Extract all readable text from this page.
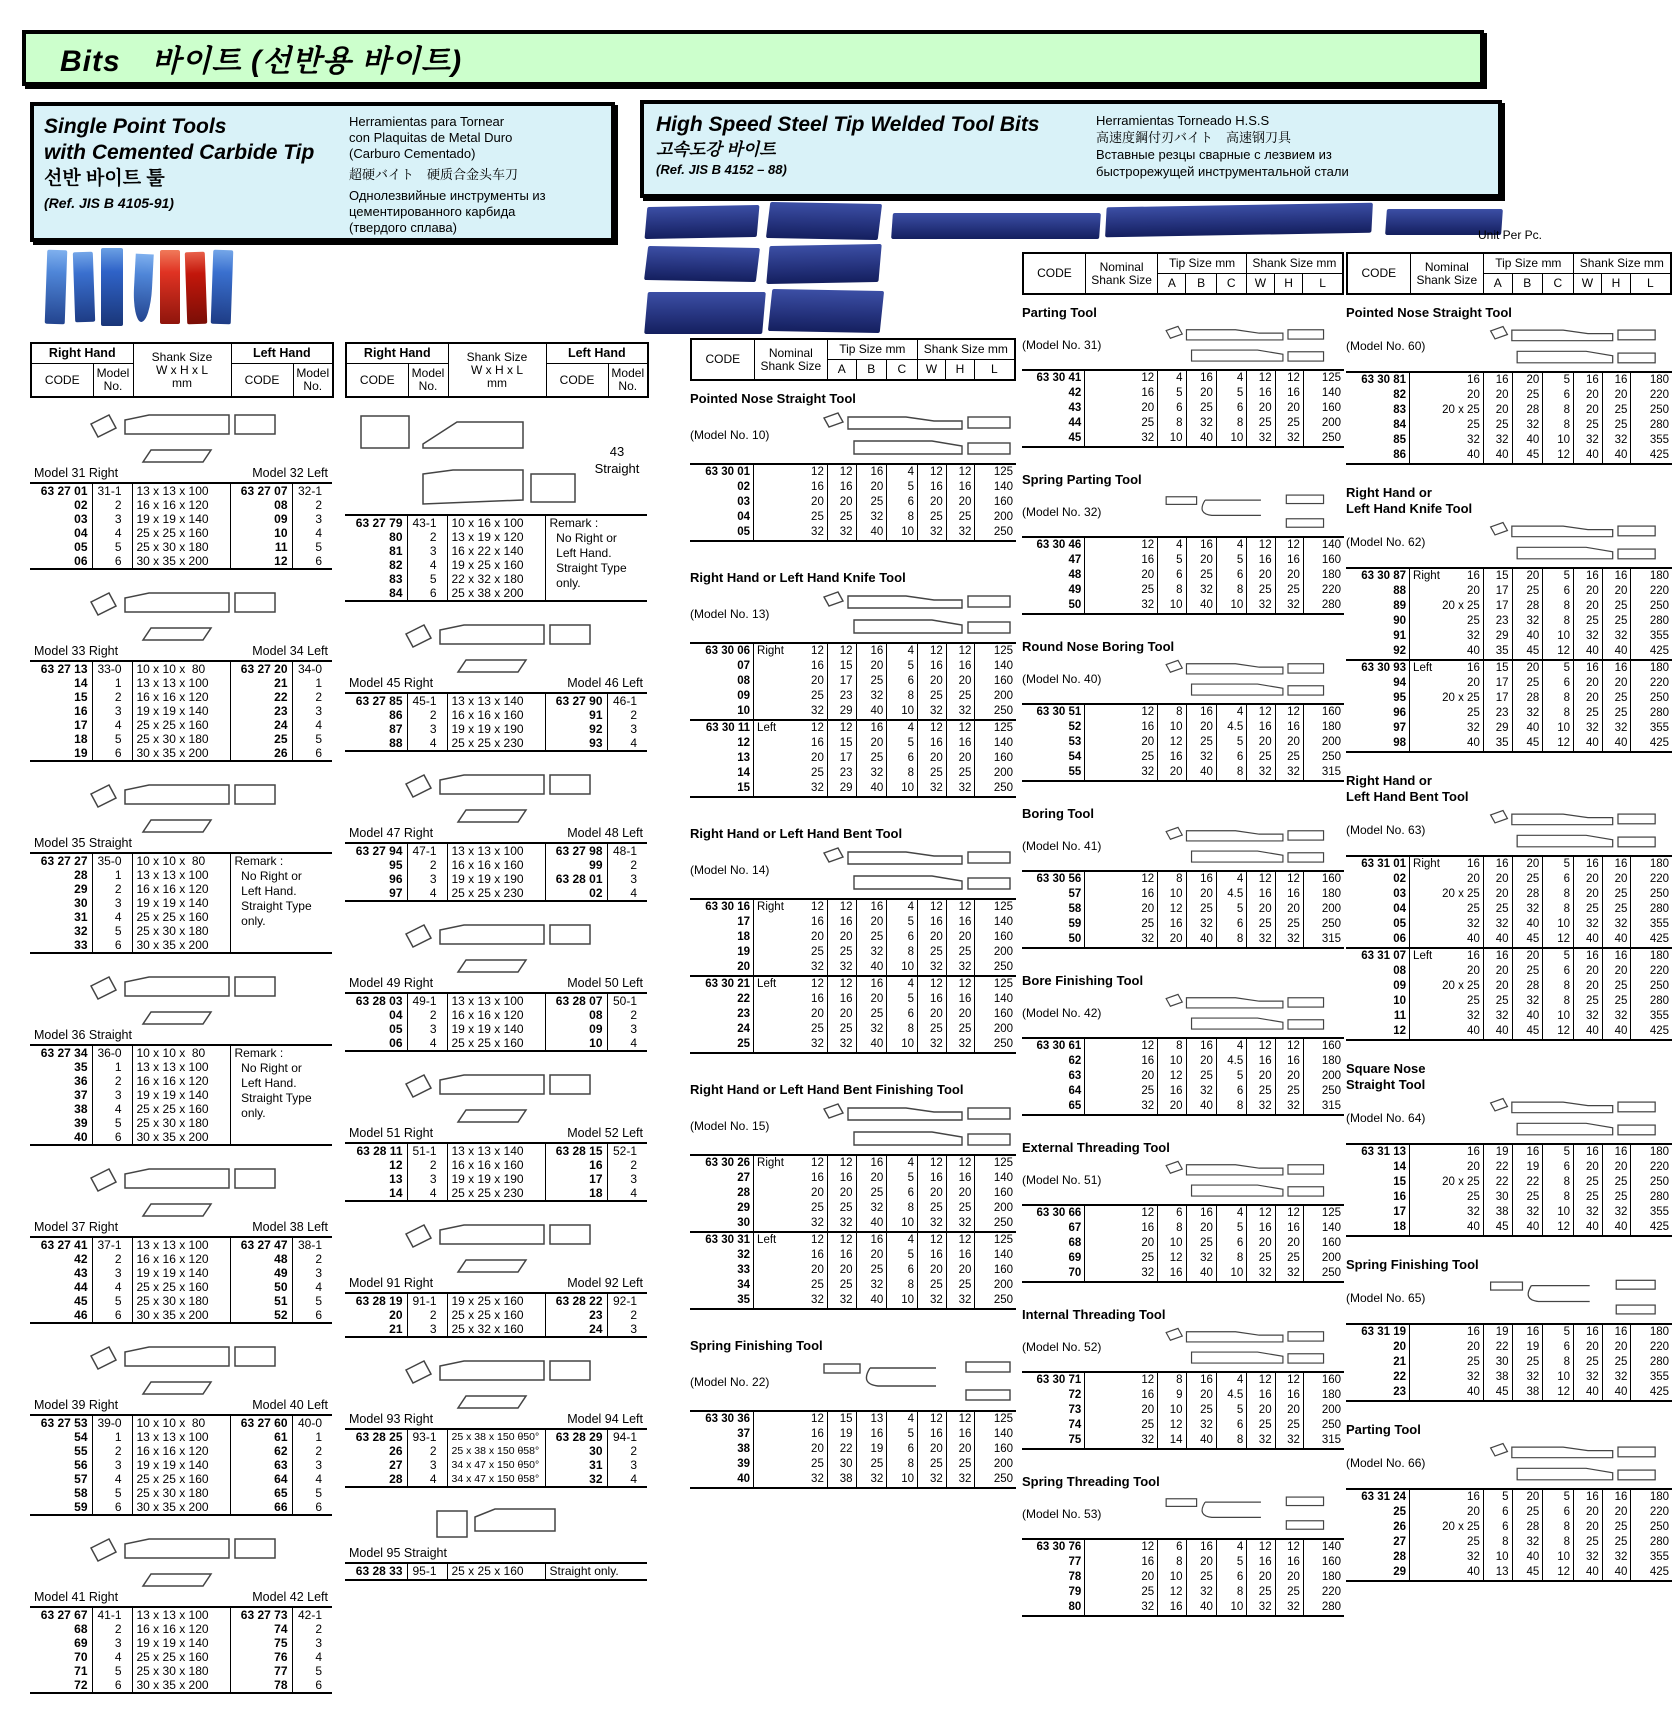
Bits　바이트 (선반용 바이트)
Single Point Tools
with Cemented Carbide Tip
선반 바이트 툴
(Ref. JIS B 4105-91)
Herramientas para Tornear
con Plaquitas de Metal Duro
(Carburo Cementado)
超硬バイト　硬质合金头车刀
Однолезвийные инструменты из
цементированного карбида
(твердого сплава)
High Speed Steel Tip Welded Tool Bits
고속도강 바이트
(Ref. JIS B 4152 – 88)
Herramientas Torneado H.S.S
高速度鋼付刃バイト　高速钢刀具
Вставные резцы сварные с лезвием из
быстрорежущей инструментальной стали
Unit Per Pc.
Right Hand		Shank Size
W x H x L
mm	Left Hand	
CODE	Model No.		CODE	Model No.
Model 31 Right	Model 32 Left
63 27 01	31-1	13 x 13 x 100	63 27 07	32-1
02	2	16 x 16 x 120	08	2
03	3	19 x 19 x 140	09	3
04	4	25 x 25 x 160	10	4
05	5	25 x 30 x 180	11	5
06	6	30 x 35 x 200	12	6
Model 33 Right	Model 34 Left
63 27 13	33-0	10 x 10 x  80	63 27 20	34-0
14	1	13 x 13 x 100	21	1
15	2	16 x 16 x 120	22	2
16	3	19 x 19 x 140	23	3
17	4	25 x 25 x 160	24	4
18	5	25 x 30 x 180	25	5
19	6	30 x 35 x 200	26	6
Model 35 Straight
63 27 27	35-0	10 x 10 x  80	Remark :
No Right or
Left Hand.
Straight Type
only.
28	1	13 x 13 x 100	
29	2	16 x 16 x 120	
30	3	19 x 19 x 140	
31	4	25 x 25 x 160	
32	5	25 x 30 x 180	
33	6	30 x 35 x 200	
Model 36 Straight
63 27 34	36-0	10 x 10 x  80	Remark :
No Right or
Left Hand.
Straight Type
only.
35	1	13 x 13 x 100	
36	2	16 x 16 x 120	
37	3	19 x 19 x 140	
38	4	25 x 25 x 160	
39	5	25 x 30 x 180	
40	6	30 x 35 x 200	
Model 37 Right	Model 38 Left
63 27 41	37-1	13 x 13 x 100	63 27 47	38-1
42	2	16 x 16 x 120	48	2
43	3	19 x 19 x 140	49	3
44	4	25 x 25 x 160	50	4
45	5	25 x 30 x 180	51	5
46	6	30 x 35 x 200	52	6
Model 39 Right	Model 40 Left
63 27 53	39-0	10 x 10 x  80	63 27 60	40-0
54	1	13 x 13 x 100	61	1
55	2	16 x 16 x 120	62	2
56	3	19 x 19 x 140	63	3
57	4	25 x 25 x 160	64	4
58	5	25 x 30 x 180	65	5
59	6	30 x 35 x 200	66	6
Model 41 Right	Model 42 Left
63 27 67	41-1	13 x 13 x 100	63 27 73	42-1
68	2	16 x 16 x 120	74	2
69	3	19 x 19 x 140	75	3
70	4	25 x 25 x 160	76	4
71	5	25 x 30 x 180	77	5
72	6	30 x 35 x 200	78	6
Right Hand		Shank Size
W x H x L
mm	Left Hand	
CODE	Model No.		CODE	Model No.
43
Straight
63 27 79	43-1	10 x 16 x 100	Remark :
No Right or
Left Hand.
Straight Type
only.
80	2	13 x 19 x 120	
81	3	16 x 22 x 140	
82	4	19 x 25 x 160	
83	5	22 x 32 x 180	
84	6	25 x 38 x 200	
Model 45 Right	Model 46 Left
63 27 85	45-1	13 x 13 x 140	63 27 90	46-1
86	2	16 x 16 x 160	91	2
87	3	19 x 19 x 190	92	3
88	4	25 x 25 x 230	93	4
Model 47 Right	Model 48 Left
63 27 94	47-1	13 x 13 x 100	63 27 98	48-1
95	2	16 x 16 x 160	99	2
96	3	19 x 19 x 190	63 28 01	3
97	4	25 x 25 x 230	02	4
Model 49 Right	Model 50 Left
63 28 03	49-1	13 x 13 x 100	63 28 07	50-1
04	2	16 x 16 x 120	08	2
05	3	19 x 19 x 140	09	3
06	4	25 x 25 x 160	10	4
Model 51 Right	Model 52 Left
63 28 11	51-1	13 x 13 x 140	63 28 15	52-1
12	2	16 x 16 x 160	16	2
13	3	19 x 19 x 190	17	3
14	4	25 x 25 x 230	18	4
Model 91 Right	Model 92 Left
63 28 19	91-1	19 x 25 x 160	63 28 22	92-1
20	2	25 x 25 x 160	23	2
21	3	25 x 32 x 160	24	3
Model 93 Right	Model 94 Left
63 28 25	93-1	25 x 38 x 150 θ50°	63 28 29	94-1
26	2	25 x 38 x 150 θ58°	30	2
27	3	34 x 47 x 150 θ50°	31	3
28	4	34 x 47 x 150 θ58°	32	4
Model 95 Straight
63 28 33	95-1	25 x 25 x 160	Straight only.
CODE	Nominal
Shank Size	Tip Size mm			Shank Size mm		
		A	B	C	W	H	L
Pointed Nose Straight Tool
(Model No. 10)
63 30 01	12	12	16	4	12	12	125
02	16	16	20	5	16	16	140
03	20	20	25	6	20	20	160
04	25	25	32	8	25	25	200
05	32	32	40	10	32	32	250
Right Hand or Left Hand Knife Tool
(Model No. 13)
63 30 06	Right 12	12	16	4	12	12	125
07	16	15	20	5	16	16	140
08	20	17	25	6	20	20	160
09	25	23	32	8	25	25	200
10	32	29	40	10	32	32	250
63 30 11	Left 12	12	16	4	12	12	125
12	16	15	20	5	16	16	140
13	20	17	25	6	20	20	160
14	25	23	32	8	25	25	200
15	32	29	40	10	32	32	250
Right Hand or Left Hand Bent Tool
(Model No. 14)
63 30 16	Right 12	12	16	4	12	12	125
17	16	16	20	5	16	16	140
18	20	20	25	6	20	20	160
19	25	25	32	8	25	25	200
20	32	32	40	10	32	32	250
63 30 21	Left 12	12	16	4	12	12	125
22	16	16	20	5	16	16	140
23	20	20	25	6	20	20	160
24	25	25	32	8	25	25	200
25	32	32	40	10	32	32	250
Right Hand or Left Hand Bent Finishing Tool
(Model No. 15)
63 30 26	Right 12	12	16	4	12	12	125
27	16	16	20	5	16	16	140
28	20	20	25	6	20	20	160
29	25	25	32	8	25	25	200
30	32	32	40	10	32	32	250
63 30 31	Left 12	12	16	4	12	12	125
32	16	16	20	5	16	16	140
33	20	20	25	6	20	20	160
34	25	25	32	8	25	25	200
35	32	32	40	10	32	32	250
Spring Finishing Tool
(Model No. 22)
63 30 36	12	15	13	4	12	12	125
37	16	19	16	5	16	16	140
38	20	22	19	6	20	20	160
39	25	30	25	8	25	25	200
40	32	38	32	10	32	32	250
CODE	Nominal
Shank Size	Tip Size mm			Shank Size mm		
		A	B	C	W	H	L
Parting Tool
(Model No. 31)
63 30 41	12	4	16	4	12	12	125
42	16	5	20	5	16	16	140
43	20	6	25	6	20	20	160
44	25	8	32	8	25	25	200
45	32	10	40	10	32	32	250
Spring Parting Tool
(Model No. 32)
63 30 46	12	4	16	4	12	12	140
47	16	5	20	5	16	16	160
48	20	6	25	6	20	20	180
49	25	8	32	8	25	25	220
50	32	10	40	10	32	32	280
Round Nose Boring Tool
(Model No. 40)
63 30 51	12	8	16	4	12	12	160
52	16	10	20	4.5	16	16	180
53	20	12	25	5	20	20	200
54	25	16	32	6	25	25	250
55	32	20	40	8	32	32	315
Boring Tool
(Model No. 41)
63 30 56	12	8	16	4	12	12	160
57	16	10	20	4.5	16	16	180
58	20	12	25	5	20	20	200
59	25	16	32	6	25	25	250
50	32	20	40	8	32	32	315
Bore Finishing Tool
(Model No. 42)
63 30 61	12	8	16	4	12	12	160
62	16	10	20	4.5	16	16	180
63	20	12	25	5	20	20	200
64	25	16	32	6	25	25	250
65	32	20	40	8	32	32	315
External Threading Tool
(Model No. 51)
63 30 66	12	6	16	4	12	12	125
67	16	8	20	5	16	16	140
68	20	10	25	6	20	20	160
69	25	12	32	8	25	25	200
70	32	16	40	10	32	32	250
Internal Threading Tool
(Model No. 52)
63 30 71	12	8	16	4	12	12	160
72	16	9	20	4.5	16	16	180
73	20	10	25	5	20	20	200
74	25	12	32	6	25	25	250
75	32	14	40	8	32	32	315
Spring Threading Tool
(Model No. 53)
63 30 76	12	6	16	4	12	12	140
77	16	8	20	5	16	16	160
78	20	10	25	6	20	20	180
79	25	12	32	8	25	25	220
80	32	16	40	10	32	32	280
CODE	Nominal
Shank Size	Tip Size mm			Shank Size mm		
		A	B	C	W	H	L
Pointed Nose Straight Tool
(Model No. 60)
63 30 81	16	16	20	5	16	16	180
82	20	20	25	6	20	20	220
83	20 x 25	20	28	8	20	25	250
84	25	25	32	8	25	25	280
85	32	32	40	10	32	32	355
86	40	40	45	12	40	40	425
Right Hand or
Left Hand Knife Tool
(Model No. 62)
63 30 87	Right 16	15	20	5	16	16	180
88	20	17	25	6	20	20	220
89	20 x 25	17	28	8	20	25	250
90	25	23	32	8	25	25	280
91	32	29	40	10	32	32	355
92	40	35	45	12	40	40	425
63 30 93	Left 16	15	20	5	16	16	180
94	20	17	25	6	20	20	220
95	20 x 25	17	28	8	20	25	250
96	25	23	32	8	25	25	280
97	32	29	40	10	32	32	355
98	40	35	45	12	40	40	425
Right Hand or
Left Hand Bent Tool
(Model No. 63)
63 31 01	Right 16	16	20	5	16	16	180
02	20	20	25	6	20	20	220
03	20 x 25	20	28	8	20	25	250
04	25	25	32	8	25	25	280
05	32	32	40	10	32	32	355
06	40	40	45	12	40	40	425
63 31 07	Left 16	16	20	5	16	16	180
08	20	20	25	6	20	20	220
09	20 x 25	20	28	8	20	25	250
10	25	25	32	8	25	25	280
11	32	32	40	10	32	32	355
12	40	40	45	12	40	40	425
Square Nose
Straight Tool
(Model No. 64)
63 31 13	16	19	16	5	16	16	180
14	20	22	19	6	20	20	220
15	20 x 25	22	22	8	25	25	250
16	25	30	25	8	25	25	280
17	32	38	32	10	32	32	355
18	40	45	40	12	40	40	425
Spring Finishing Tool
(Model No. 65)
63 31 19	16	19	16	5	16	16	180
20	20	22	19	6	20	20	220
21	25	30	25	8	25	25	280
22	32	38	32	10	32	32	355
23	40	45	38	12	40	40	425
Parting Tool
(Model No. 66)
63 31 24	16	5	20	5	16	16	180
25	20	6	25	6	20	20	220
26	20 x 25	6	28	8	20	25	250
27	25	8	32	8	25	25	280
28	32	10	40	10	32	32	355
29	40	13	45	12	40	40	425
